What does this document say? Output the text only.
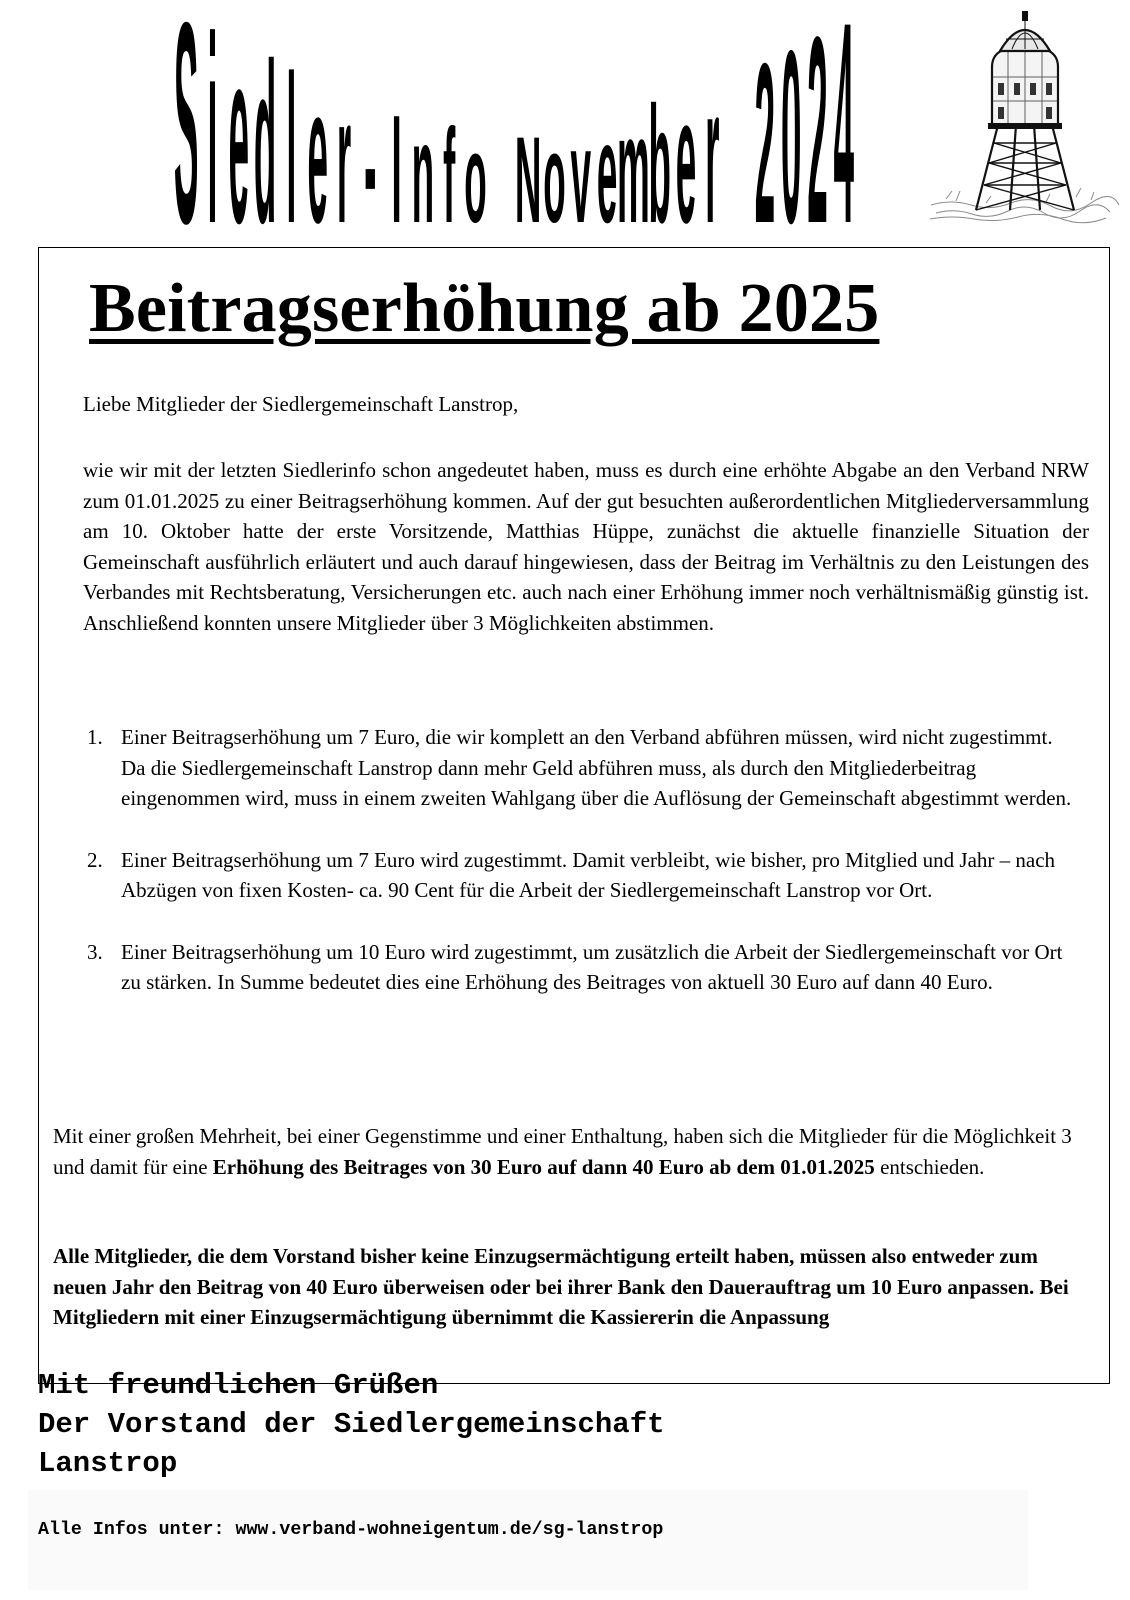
S i e d l e r - I n f o N o v e m
b e r 2 0 2 4
Beitragserhöhung ab 2025

Liebe Mitglieder der Siedlergemeinschaft Lanstrop,

wie wir mit der letzten Siedlerinfo schon angedeutet haben, muss es durch eine erhöhte Abgabe an den Verband NRW zum 01.01.2025 zu einer Beitragserhöhung kommen. Auf der gut besuchten außerordentlichen Mitgliederversammlung am 10. Oktober hatte der erste Vorsitzende, Matthias Hüppe, zunächst die aktuelle finanzielle Situation der Gemeinschaft ausführlich erläutert und auch darauf hingewiesen, dass der Beitrag im Verhältnis zu den Leistungen des Verbandes mit Rechtsberatung, Versicherungen etc. auch nach einer Erhöhung immer noch verhältnismäßig günstig ist. Anschließend konnten unsere Mitglieder über 3 Möglichkeiten abstimmen.

1. Einer Beitragserhöhung um 7 Euro, die wir komplett an den Verband abführen müssen, wird nicht zugestimmt. Da die Siedlergemeinschaft Lanstrop dann mehr Geld abführen muss, als durch den Mitgliederbeitrag eingenommen wird, muss in einem zweiten Wahlgang über die Auflösung der Gemeinschaft abgestimmt werden.
2. Einer Beitragserhöhung um 7 Euro wird zugestimmt. Damit verbleibt, wie bisher, pro Mitglied und Jahr – nach Abzügen von fixen Kosten- ca. 90 Cent für die Arbeit der Siedlergemeinschaft Lanstrop vor Ort.
3. Einer Beitragserhöhung um 10 Euro wird zugestimmt, um zusätzlich die Arbeit der Siedlergemeinschaft vor Ort zu stärken. In Summe bedeutet dies eine Erhöhung des Beitrages von aktuell 30 Euro auf dann 40 Euro.

Mit einer großen Mehrheit, bei einer Gegenstimme und einer Enthaltung, haben sich die Mitglieder für die Möglichkeit 3 und damit für eine Erhöhung des Beitrages von 30 Euro auf dann 40 Euro ab dem 01.01.2025 entschieden.

Alle Mitglieder, die dem Vorstand bisher keine Einzugsermächtigung erteilt haben, müssen also entweder zum neuen Jahr den Beitrag von 40 Euro überweisen oder bei ihrer Bank den Dauerauftrag um 10 Euro anpassen. Bei Mitgliedern mit einer Einzugsermächtigung übernimmt die Kassiererin die Anpassung

Mit freundlichen Grüßen
Der Vorstand der Siedlergemeinschaft
Lanstrop

Alle Infos unter: www.verband-wohneigentum.de/sg-lanstrop
